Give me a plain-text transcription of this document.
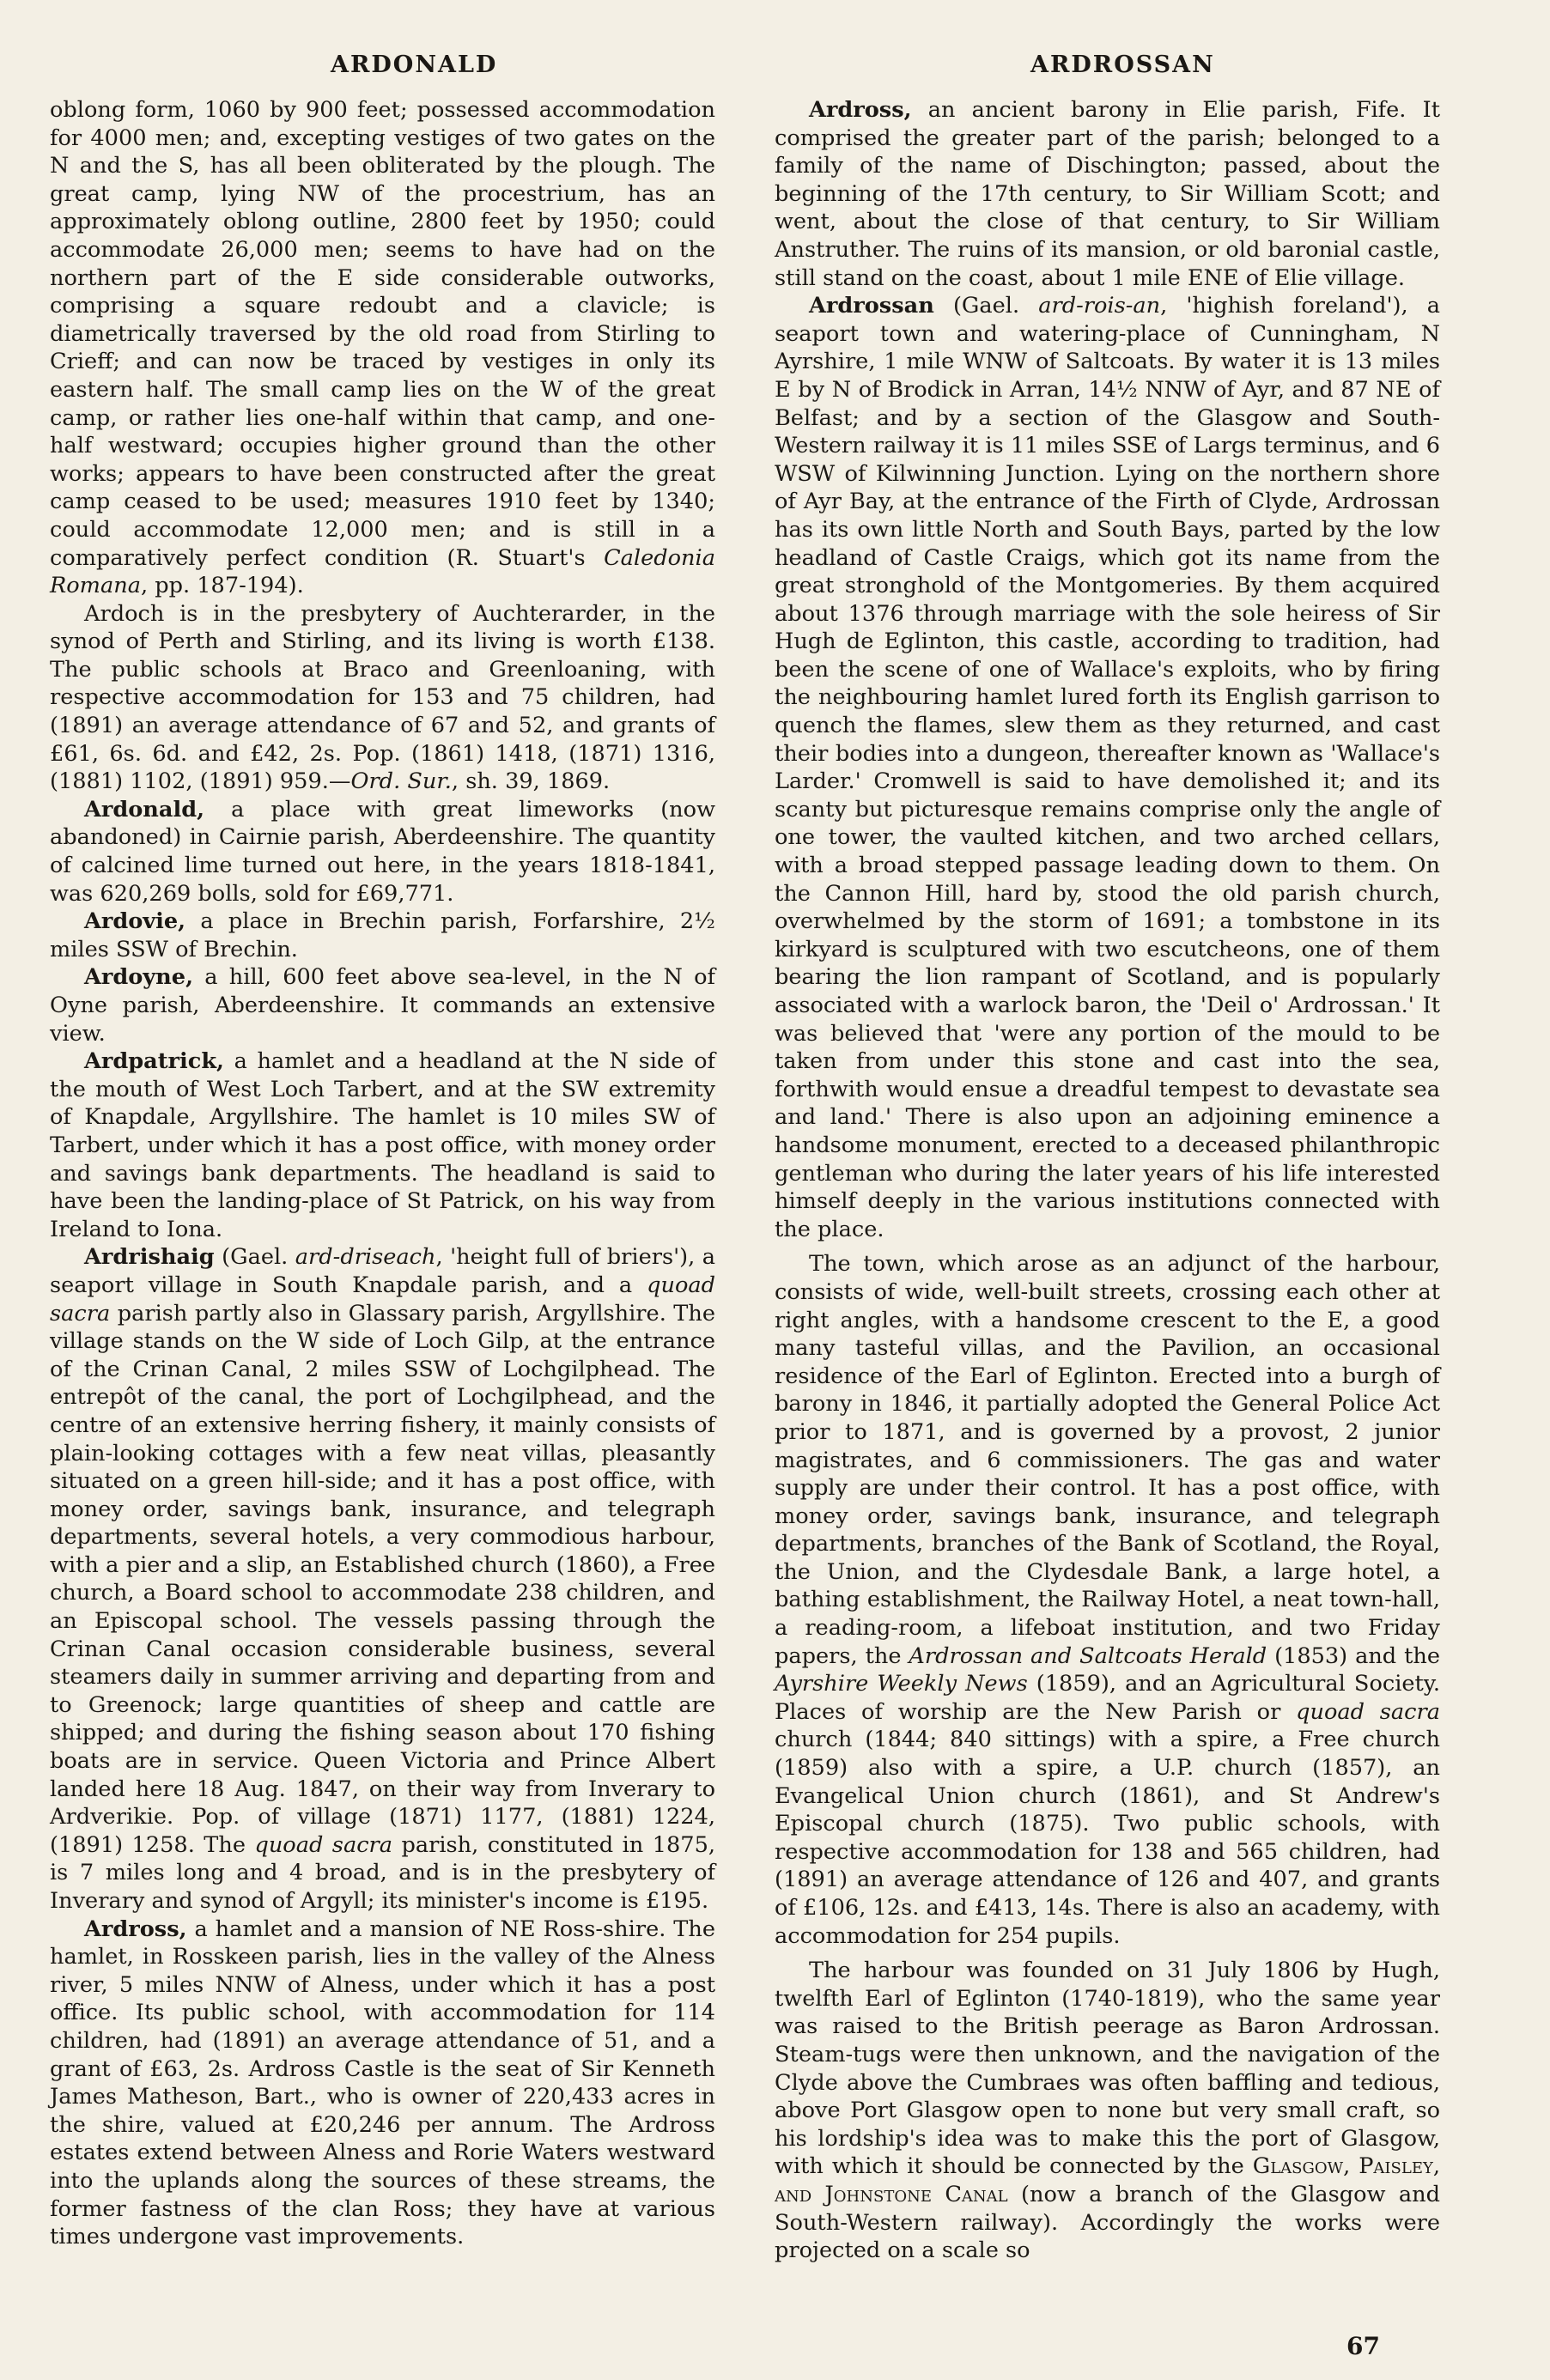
ARDONALD	ARDROSSAN

oblong form, 1060 by 900 feet; possessed accommodation for 4000 men; and, excepting vestiges of two gates on the N and the S, has all been obliterated by the plough. The great camp, lying NW of the procestrium, has an approximately oblong outline, 2800 feet by 1950; could accommodate 26,000 men; seems to have had on the northern part of the E side considerable outworks, comprising a square redoubt and a clavicle; is diametrically traversed by the old road from Stirling to Crieff; and can now be traced by vestiges in only its eastern half. The small camp lies on the W of the great camp, or rather lies one-half within that camp, and one-half westward; occupies higher ground than the other works; appears to have been constructed after the great camp ceased to be used; measures 1910 feet by 1340; could accommodate 12,000 men; and is still in a comparatively perfect condition (R. Stuart's Caledonia Romana, pp. 187-194).

Ardoch is in the presbytery of Auchterarder, in the synod of Perth and Stirling, and its living is worth £138. The public schools at Braco and Greenloaning, with respective accommodation for 153 and 75 children, had (1891) an average attendance of 67 and 52, and grants of £61, 6s. 6d. and £42, 2s. Pop. (1861) 1418, (1871) 1316, (1881) 1102, (1891) 959.—Ord. Sur., sh. 39, 1869.

Ardonald, a place with great limeworks (now abandoned) in Cairnie parish, Aberdeenshire. The quantity of calcined lime turned out here, in the years 1818-1841, was 620,269 bolls, sold for £69,771.

Ardovie, a place in Brechin parish, Forfarshire, 2½ miles SSW of Brechin.

Ardoyne, a hill, 600 feet above sea-level, in the N of Oyne parish, Aberdeenshire. It commands an extensive view.

Ardpatrick, a hamlet and a headland at the N side of the mouth of West Loch Tarbert, and at the SW extremity of Knapdale, Argyllshire. The hamlet is 10 miles SW of Tarbert, under which it has a post office, with money order and savings bank departments. The headland is said to have been the landing-place of St Patrick, on his way from Ireland to Iona.

Ardrishaig (Gael. ard-driseach, 'height full of briers'), a seaport village in South Knapdale parish, and a quoad sacra parish partly also in Glassary parish, Argyllshire. The village stands on the W side of Loch Gilp, at the entrance of the Crinan Canal, 2 miles SSW of Lochgilphead. The entrepôt of the canal, the port of Lochgilphead, and the centre of an extensive herring fishery, it mainly consists of plain-looking cottages with a few neat villas, pleasantly situated on a green hill-side; and it has a post office, with money order, savings bank, insurance, and telegraph departments, several hotels, a very commodious harbour, with a pier and a slip, an Established church (1860), a Free church, a Board school to accommodate 238 children, and an Episcopal school. The vessels passing through the Crinan Canal occasion considerable business, several steamers daily in summer arriving and departing from and to Greenock; large quantities of sheep and cattle are shipped; and during the fishing season about 170 fishing boats are in service. Queen Victoria and Prince Albert landed here 18 Aug. 1847, on their way from Inverary to Ardverikie. Pop. of village (1871) 1177, (1881) 1224, (1891) 1258. The quoad sacra parish, constituted in 1875, is 7 miles long and 4 broad, and is in the presbytery of Inverary and synod of Argyll; its minister's income is £195.

Ardross, a hamlet and a mansion of NE Ross-shire. The hamlet, in Rosskeen parish, lies in the valley of the Alness river, 5 miles NNW of Alness, under which it has a post office. Its public school, with accommodation for 114 children, had (1891) an average attendance of 51, and a grant of £63, 2s. Ardross Castle is the seat of Sir Kenneth James Matheson, Bart., who is owner of 220,433 acres in the shire, valued at £20,246 per annum. The Ardross estates extend between Alness and Rorie Waters westward into the uplands along the sources of these streams, the former fastness of the clan Ross; they have at various times undergone vast improvements.

Ardross, an ancient barony in Elie parish, Fife. It comprised the greater part of the parish; belonged to a family of the name of Dischington; passed, about the beginning of the 17th century, to Sir William Scott; and went, about the close of that century, to Sir William Anstruther. The ruins of its mansion, or old baronial castle, still stand on the coast, about 1 mile ENE of Elie village.

Ardrossan (Gael. ard-rois-an, 'highish foreland'), a seaport town and watering-place of Cunningham, N Ayrshire, 1 mile WNW of Saltcoats. By water it is 13 miles E by N of Brodick in Arran, 14½ NNW of Ayr, and 87 NE of Belfast; and by a section of the Glasgow and South-Western railway it is 11 miles SSE of Largs terminus, and 6 WSW of Kilwinning Junction. Lying on the northern shore of Ayr Bay, at the entrance of the Firth of Clyde, Ardrossan has its own little North and South Bays, parted by the low headland of Castle Craigs, which got its name from the great stronghold of the Montgomeries. By them acquired about 1376 through marriage with the sole heiress of Sir Hugh de Eglinton, this castle, according to tradition, had been the scene of one of Wallace's exploits, who by firing the neighbouring hamlet lured forth its English garrison to quench the flames, slew them as they returned, and cast their bodies into a dungeon, thereafter known as 'Wallace's Larder.' Cromwell is said to have demolished it; and its scanty but picturesque remains comprise only the angle of one tower, the vaulted kitchen, and two arched cellars, with a broad stepped passage leading down to them. On the Cannon Hill, hard by, stood the old parish church, overwhelmed by the storm of 1691; a tombstone in its kirkyard is sculptured with two escutcheons, one of them bearing the lion rampant of Scotland, and is popularly associated with a warlock baron, the 'Deil o' Ardrossan.' It was believed that 'were any portion of the mould to be taken from under this stone and cast into the sea, forthwith would ensue a dreadful tempest to devastate sea and land.' There is also upon an adjoining eminence a handsome monument, erected to a deceased philanthropic gentleman who during the later years of his life interested himself deeply in the various institutions connected with the place.

The town, which arose as an adjunct of the harbour, consists of wide, well-built streets, crossing each other at right angles, with a handsome crescent to the E, a good many tasteful villas, and the Pavilion, an occasional residence of the Earl of Eglinton. Erected into a burgh of barony in 1846, it partially adopted the General Police Act prior to 1871, and is governed by a provost, 2 junior magistrates, and 6 commissioners. The gas and water supply are under their control. It has a post office, with money order, savings bank, insurance, and telegraph departments, branches of the Bank of Scotland, the Royal, the Union, and the Clydesdale Bank, a large hotel, a bathing establishment, the Railway Hotel, a neat town-hall, a reading-room, a lifeboat institution, and two Friday papers, the Ardrossan and Saltcoats Herald (1853) and the Ayrshire Weekly News (1859), and an Agricultural Society. Places of worship are the New Parish or quoad sacra church (1844; 840 sittings) with a spire, a Free church (1859) also with a spire, a U.P. church (1857), an Evangelical Union church (1861), and St Andrew's Episcopal church (1875). Two public schools, with respective accommodation for 138 and 565 children, had (1891) an average attendance of 126 and 407, and grants of £106, 12s. and £413, 14s. There is also an academy, with accommodation for 254 pupils.

The harbour was founded on 31 July 1806 by Hugh, twelfth Earl of Eglinton (1740-1819), who the same year was raised to the British peerage as Baron Ardrossan. Steam-tugs were then unknown, and the navigation of the Clyde above the Cumbraes was often baffling and tedious, above Port Glasgow open to none but very small craft, so his lordship's idea was to make this the port of Glasgow, with which it should be connected by the Glasgow, Paisley, and Johnstone Canal (now a branch of the Glasgow and South-Western railway). Accordingly the works were projected on a scale so

67
